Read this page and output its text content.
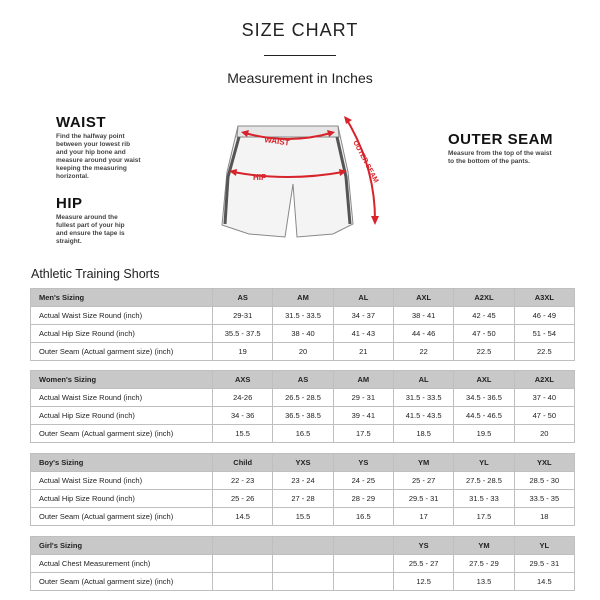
SIZE CHART
Measurement in Inches
WAIST

Find the halfway point
between your lowest rib
and your hip bone and
measure around your waist
keeping the measuring
horizontal.

HIP

Measure around the
fullest part of your hip
and ensure the tape is
straight.

OUTER SEAM

Measure from the top of the waist
to the bottom of the pants.

WAIST
HIP	OUTER SEAM
Athletic Training Shorts
Men's Sizing	AS	AM	AL	AXL	A2XL	A3XL
Actual Waist Size Round (inch)	29-31	31.5 - 33.5	34 - 37	38 - 41	42 - 45	46 - 49
Actual Hip Size Round (inch)	35.5 - 37.5	38 - 40	41 - 43	44 - 46	47 - 50	51 - 54
Outer Seam (Actual garment size) (inch)	19	20	21	22	22.5	22.5
Women's Sizing	AXS	AS	AM	AL	AXL	A2XL
Actual Waist Size Round (inch)	24-26	26.5 - 28.5	29 - 31	31.5 - 33.5	34.5 - 36.5	37 - 40
Actual Hip Size Round (inch)	34 - 36	36.5 - 38.5	39 - 41	41.5 - 43.5	44.5 - 46.5	47 - 50
Outer Seam (Actual garment size) (inch)	15.5	16.5	17.5	18.5	19.5	20
Boy's Sizing	Child	YXS	YS	YM	YL	YXL
Actual Waist Size Round (inch)	22 - 23	23 - 24	24 - 25	25 - 27	27.5 - 28.5	28.5 - 30
Actual Hip Size Round (inch)	25 - 26	27 - 28	28 - 29	29.5 - 31	31.5 - 33	33.5 - 35
Outer Seam (Actual garment size) (inch)	14.5	15.5	16.5	17	17.5	18
Girl's Sizing				YS	YM	YL
Actual Chest Measurement (inch)				25.5 - 27	27.5 - 29	29.5 - 31
Outer Seam (Actual garment size) (inch)				12.5	13.5	14.5
